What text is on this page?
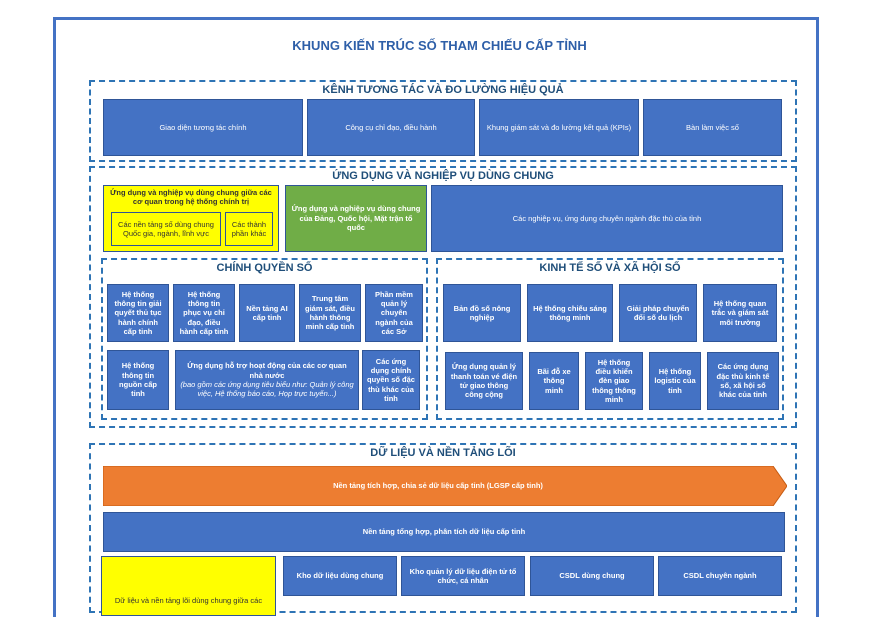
KHUNG KIẾN TRÚC SỐ THAM CHIẾU CẤP TỈNH
KÊNH TƯƠNG TÁC VÀ ĐO LƯỜNG HIỆU QUẢ
Giao diện tương tác chính	Công cụ chỉ đạo, điều hành	Khung giám sát và đo lường kết quả (KPIs)	Bàn làm việc số
ỨNG DỤNG VÀ NGHIỆP VỤ DÙNG CHUNG
Ứng dụng và nghiệp vụ dùng chung giữa các cơ quan trong hệ thống chính trị
Các nền tảng số dùng chung Quốc gia, ngành, lĩnh vực
Các thành phần khác
Ứng dụng và nghiệp vụ dùng chung của Đảng, Quốc hội, Mặt trận tổ quốc
Các nghiệp vụ, ứng dụng chuyên ngành đặc thù của tỉnh
CHÍNH QUYỀN SỐ
Hệ thống thông tin giải quyết thủ tục hành chính cấp tỉnh
Hệ thống thông tin phục vụ chỉ đạo, điều hành cấp tỉnh
Nền tảng AI cấp tỉnh
Trung tâm giám sát, điều hành thông minh cấp tỉnh
Phần mềm quản lý chuyên ngành của các Sở
Hệ thống thông tin nguồn cấp tỉnh
Ứng dụng hỗ trợ hoạt động của các cơ quan nhà nước
(bao gồm các ứng dụng tiêu biểu như: Quản lý công việc, Hệ thống báo cáo, Họp trực tuyến...)
Các ứng dụng chính quyền số đặc thù khác của tỉnh
KINH TẾ SỐ VÀ XÃ HỘI SỐ
Bản đồ số nông nghiệp
Hệ thống chiếu sáng thông minh
Giải pháp chuyển đổi số du lịch
Hệ thống quan trắc và giám sát môi trường
Ứng dụng quản lý thanh toán vé điện tử giao thông công cộng
Bãi đỗ xe thông minh
Hệ thống điều khiển đèn giao thông thông minh
Hệ thống logistic của tỉnh
Các ứng dụng đặc thù kinh tế số, xã hội số khác của tỉnh
DỮ LIỆU VÀ NỀN TẢNG LÕI
Nền tảng tích hợp, chia sẻ dữ liệu cấp tỉnh (LGSP cấp tỉnh)
Nền tảng tổng hợp, phân tích dữ liệu cấp tỉnh
Dữ liệu và nền tảng lõi dùng chung giữa các
Kho dữ liệu dùng chung
Kho quản lý dữ liệu điện tử tổ chức, cá nhân
CSDL dùng chung	CSDL chuyên ngành
